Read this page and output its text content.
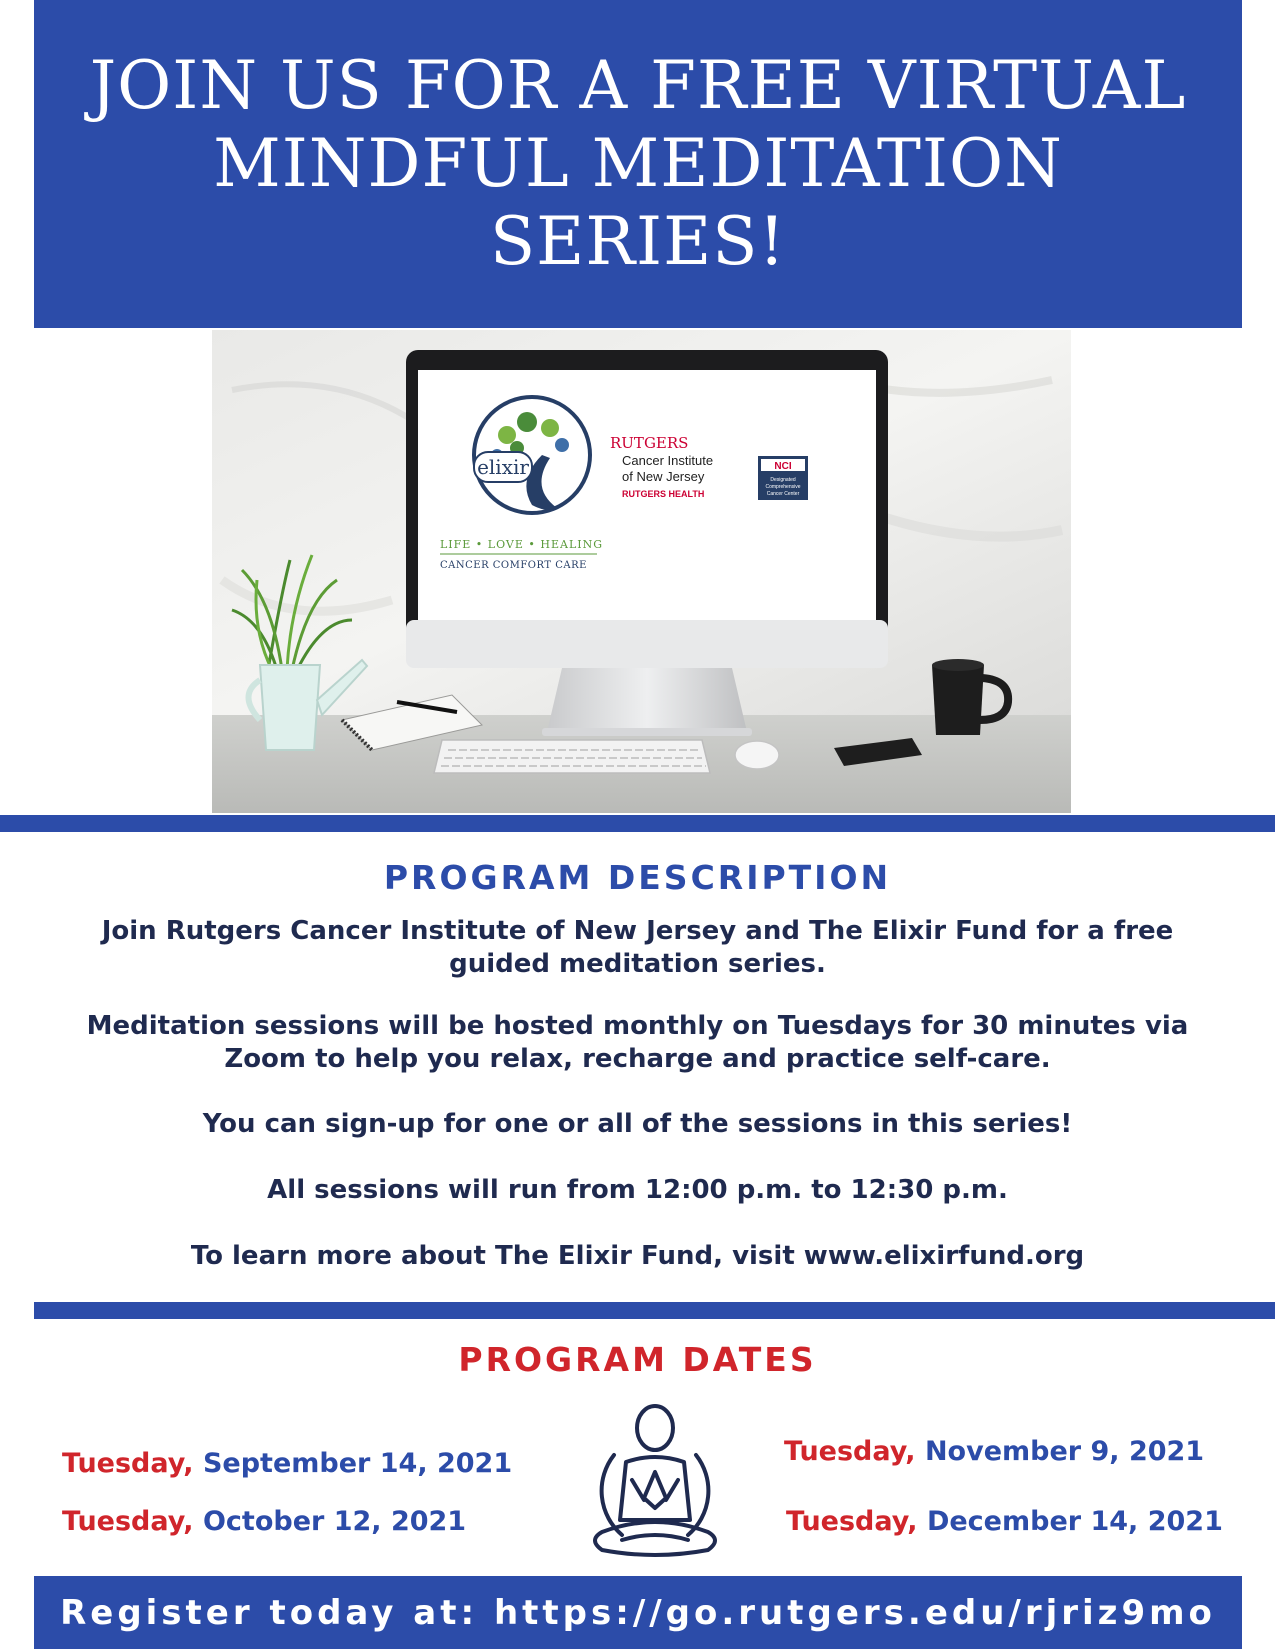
JOIN US FOR A FREE VIRTUAL
MINDFUL MEDITATION
SERIES!
elixir
LIFE • LOVE • HEALING
CANCER COMFORT CARE
RUTGERS
Cancer Institute
of New Jersey
RUTGERS HEALTH
NCI
Designated
Comprehensive
Cancer Center
PROGRAM DESCRIPTION
Join Rutgers Cancer Institute of New Jersey and The Elixir Fund for a free
guided meditation series.
Meditation sessions will be hosted monthly on Tuesdays for 30 minutes via
Zoom to help you relax, recharge and practice self-care.
You can sign-up for one or all of the sessions in this series!
All sessions will run from 12:00 p.m. to 12:30 p.m.
To learn more about The Elixir Fund, visit www.elixirfund.org
PROGRAM DATES
Tuesday, September 14, 2021
Tuesday, October 12, 2021
Tuesday, November 9, 2021
Tuesday, December 14, 2021
Register today at: https://go.rutgers.edu/rjriz9mo
